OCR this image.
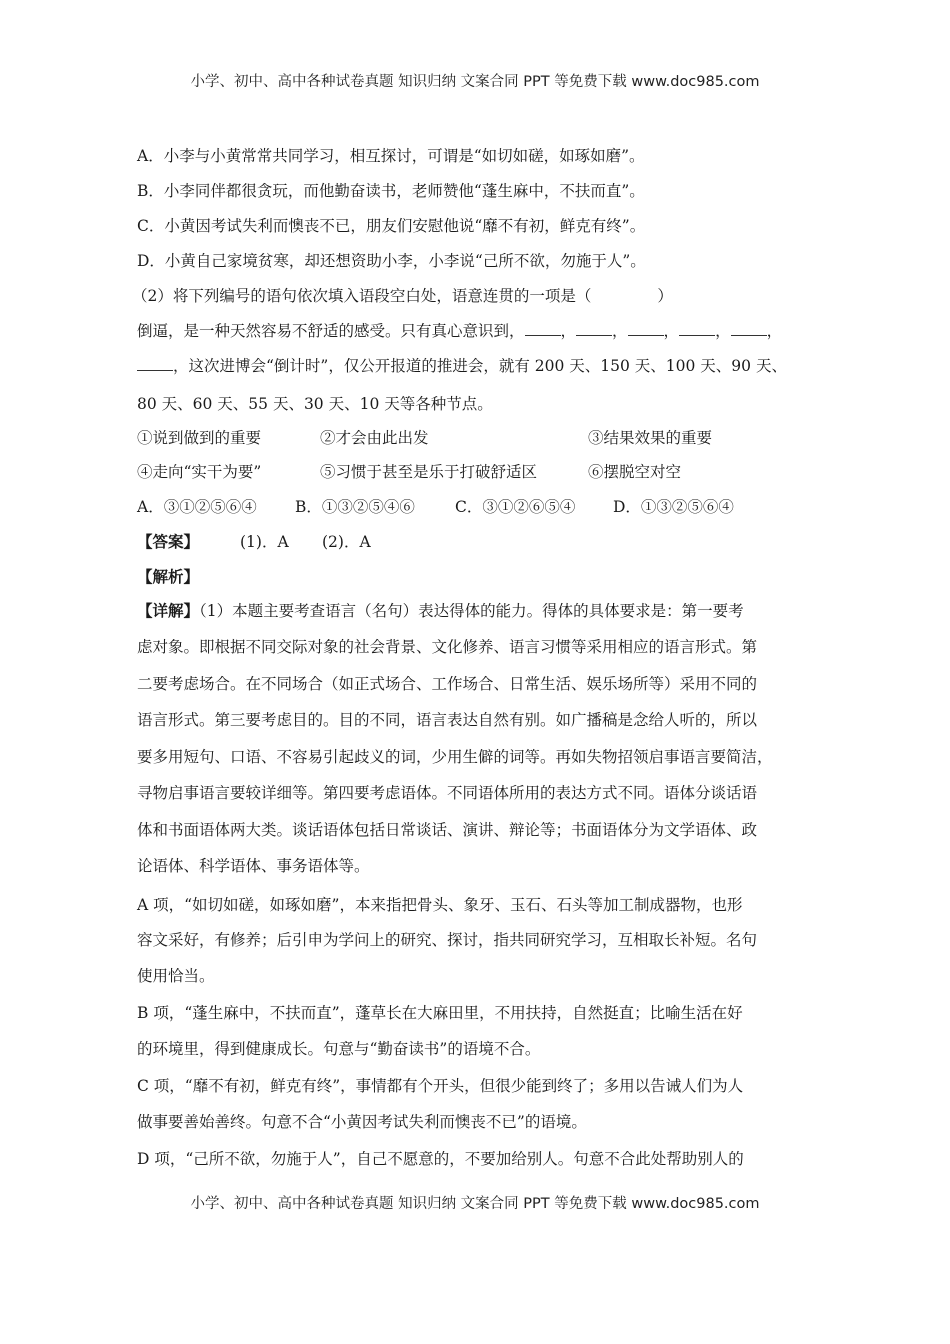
小学、初中、高中各种试卷真题 知识归纳 文案合同 PPT 等免费下载 www.doc985.com
A．小李与小黄常常共同学习，相互探讨，可谓是“如切如磋，如琢如磨”。
B．小李同伴都很贪玩，而他勤奋读书，老师赞他“蓬生麻中，不扶而直”。
C．小黄因考试失利而懊丧不已，朋友们安慰他说“靡不有初，鲜克有终”。
D．小黄自己家境贫寒，却还想资助小李，小李说“己所不欲，勿施于人”。
（2）将下列编号的语句依次填入语段空白处，语意连贯的一项是（	）
倒逼，是一种天然容易不舒适的感受。只有真心意识到， ， ， ， ， ，
，这次进博会“倒计时”，仅公开报道的推进会，就有 200 天、150 天、100 天、90 天、
80 天、60 天、55 天、30 天、10 天等各种节点。
①说到做到的重要	②才会由此出发	③结果效果的重要
④走向“实干为要”	⑤习惯于甚至是乐于打破舒适区	⑥摆脱空对空
A．③①②⑤⑥④ B．①③②⑤④⑥	C．③①②⑥⑤④ D．①③②⑤⑥④
【答案】	(1)．A (2)．A
【解析】
【详解】（1）本题主要考查语言（名句）表达得体的能力。得体的具体要求是：第一要考
虑对象。即根据不同交际对象的社会背景、文化修养、语言习惯等采用相应的语言形式。第
二要考虑场合。在不同场合（如正式场合、工作场合、日常生活、娱乐场所等）采用不同的
语言形式。第三要考虑目的。目的不同，语言表达自然有别。如广播稿是念给人听的，所以
要多用短句、口语、不容易引起歧义的词，少用生僻的词等。再如失物招领启事语言要简洁，
寻物启事语言要较详细等。第四要考虑语体。不同语体所用的表达方式不同。语体分谈话语
体和书面语体两大类。谈话语体包括日常谈话、演讲、辩论等；书面语体分为文学语体、政
论语体、科学语体、事务语体等。
A 项，“如切如磋，如琢如磨”，本来指把骨头、象牙、玉石、石头等加工制成器物，也形
容文采好，有修养；后引申为学问上的研究、探讨，指共同研究学习，互相取长补短。名句
使用恰当。
B 项，“蓬生麻中，不扶而直”，蓬草长在大麻田里，不用扶持，自然挺直；比喻生活在好
的环境里，得到健康成长。句意与“勤奋读书”的语境不合。
C 项，“靡不有初，鲜克有终”，事情都有个开头，但很少能到终了；多用以告诫人们为人
做事要善始善终。句意不合“小黄因考试失利而懊丧不已”的语境。
D 项，“己所不欲，勿施于人”，自己不愿意的，不要加给别人。句意不合此处帮助别人的
小学、初中、高中各种试卷真题 知识归纳 文案合同 PPT 等免费下载 www.doc985.com
